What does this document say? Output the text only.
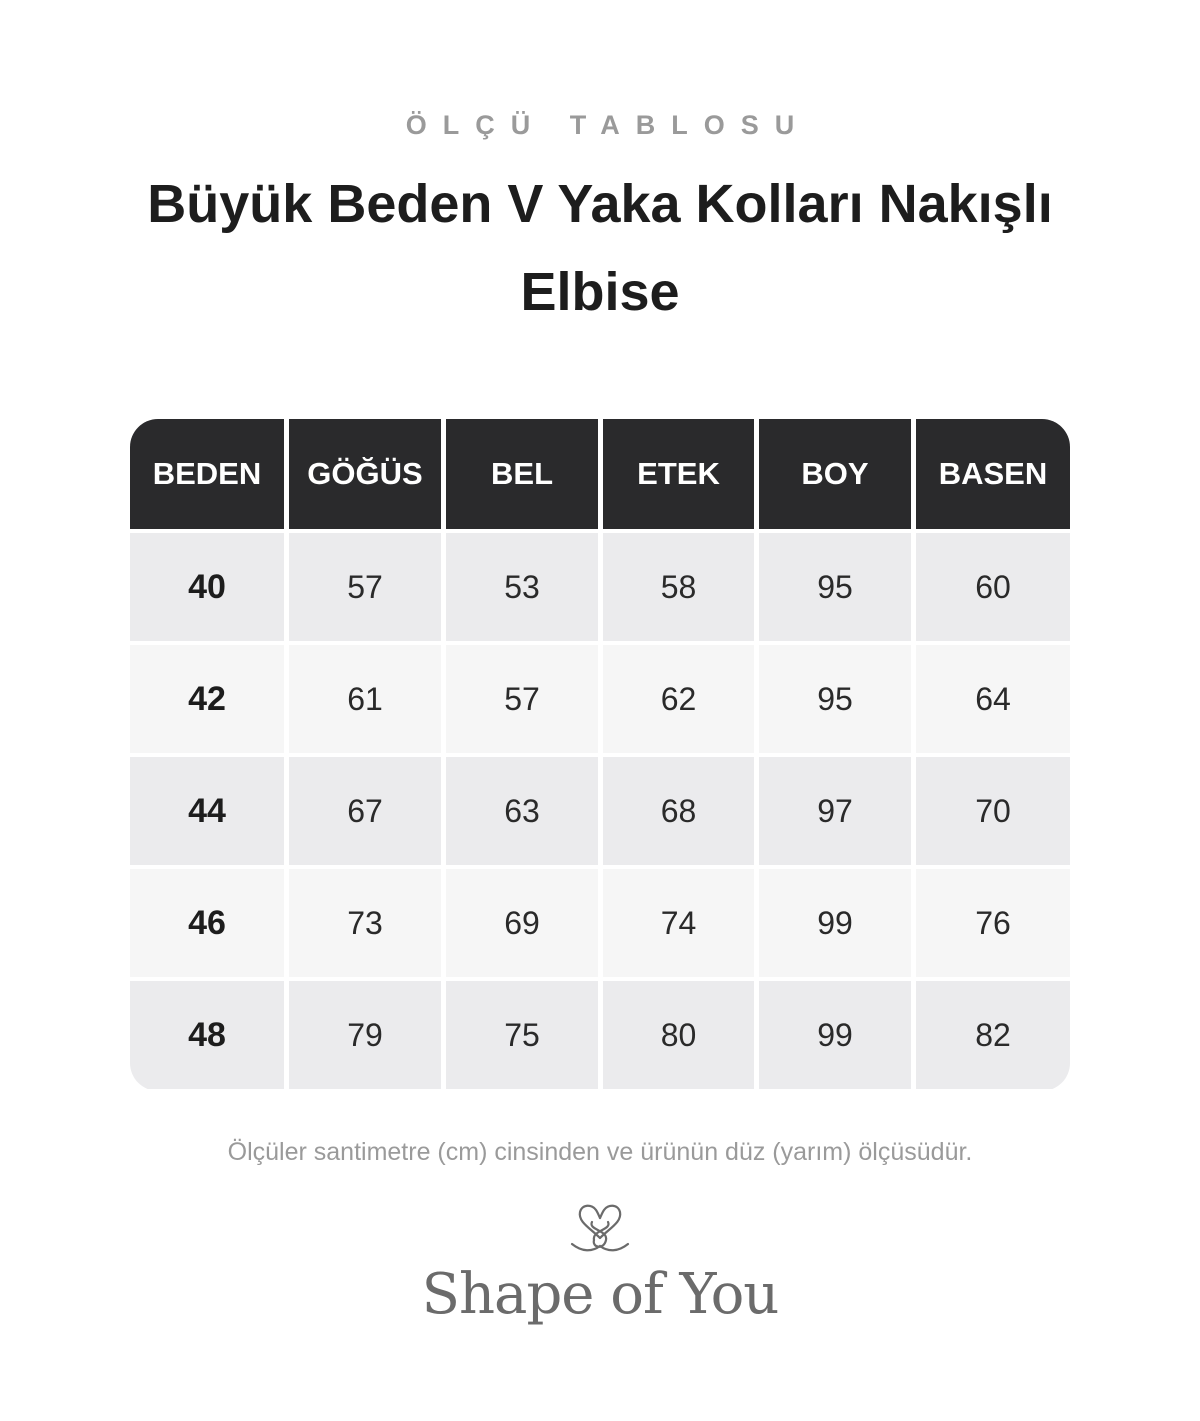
ÖLÇÜ TABLOSU
Büyük Beden V Yaka Kolları Nakışlı Elbise
BEDEN	GÖĞÜS	BEL	ETEK	BOY	BASEN
40	57	53	58	95	60
42	61	57	62	95	64
44	67	63	68	97	70
46	73	69	74	99	76
48	79	75	80	99	82
Ölçüler santimetre (cm) cinsinden ve ürünün düz (yarım) ölçüsüdür.
Shape of You
